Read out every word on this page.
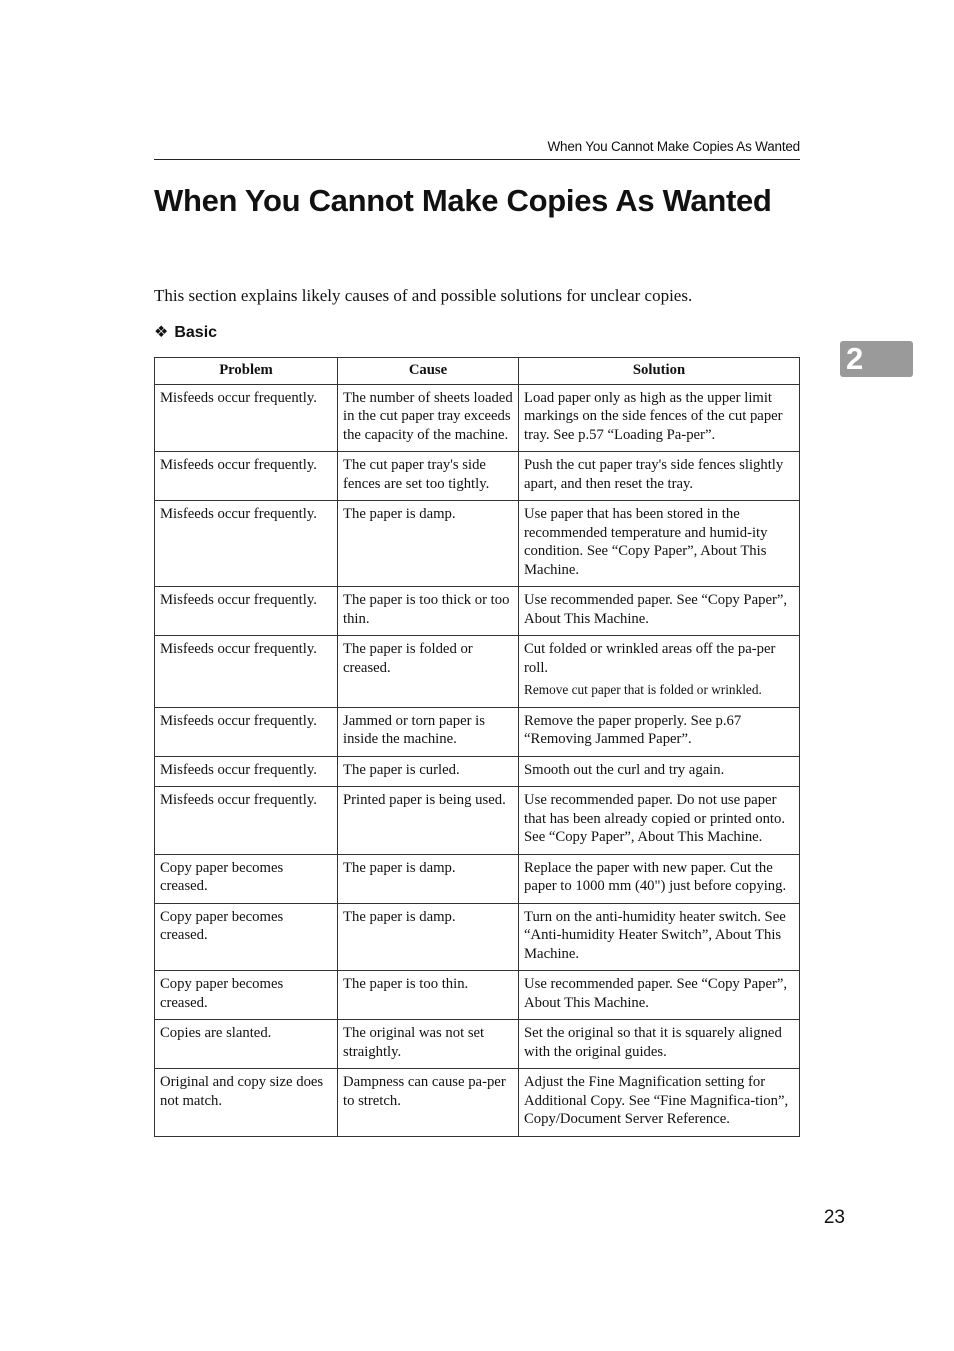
When You Cannot Make Copies As Wanted
When You Cannot Make Copies As Wanted

This section explains likely causes of and possible solutions for unclear copies.

❖ Basic
2
Problem	Cause	Solution
Misfeeds occur frequently.	The number of sheets loaded in the cut paper tray exceeds the capacity of the machine.	Load paper only as high as the upper limit markings on the side fences of the cut paper tray. See p.57 “Loading Pa-per”.
Misfeeds occur frequently.	The cut paper tray's side fences are set too tightly.	Push the cut paper tray's side fences slightly apart, and then reset the tray.
Misfeeds occur frequently.	The paper is damp.	Use paper that has been stored in the recommended temperature and humid-ity condition. See “Copy Paper”, About This Machine.
Misfeeds occur frequently.	The paper is too thick or too thin.	Use recommended paper. See “Copy Paper”, About This Machine.
Misfeeds occur frequently.	The paper is folded or creased.	Cut folded or wrinkled areas off the pa-per roll.
Remove cut paper that is folded or wrinkled.

Misfeeds occur frequently.	Jammed or torn paper is inside the machine.	Remove the paper properly. See p.67 “Removing Jammed Paper”.
Misfeeds occur frequently.	The paper is curled.	Smooth out the curl and try again.
Misfeeds occur frequently.	Printed paper is being used.	Use recommended paper. Do not use paper that has been already copied or printed onto. See “Copy Paper”, About This Machine.
Copy paper becomes creased.	The paper is damp.	Replace the paper with new paper. Cut the paper to 1000 mm (40") just before copying.
Copy paper becomes creased.	The paper is damp.	Turn on the anti-humidity heater switch. See “Anti-humidity Heater Switch”, About This Machine.
Copy paper becomes creased.	The paper is too thin.	Use recommended paper. See “Copy Paper”, About This Machine.
Copies are slanted.	The original was not set straightly.	Set the original so that it is squarely aligned with the original guides.
Original and copy size does not match.	Dampness can cause pa-per to stretch.	Adjust the Fine Magnification setting for Additional Copy. See “Fine Magnifica-tion”, Copy/Document Server Reference.
23
